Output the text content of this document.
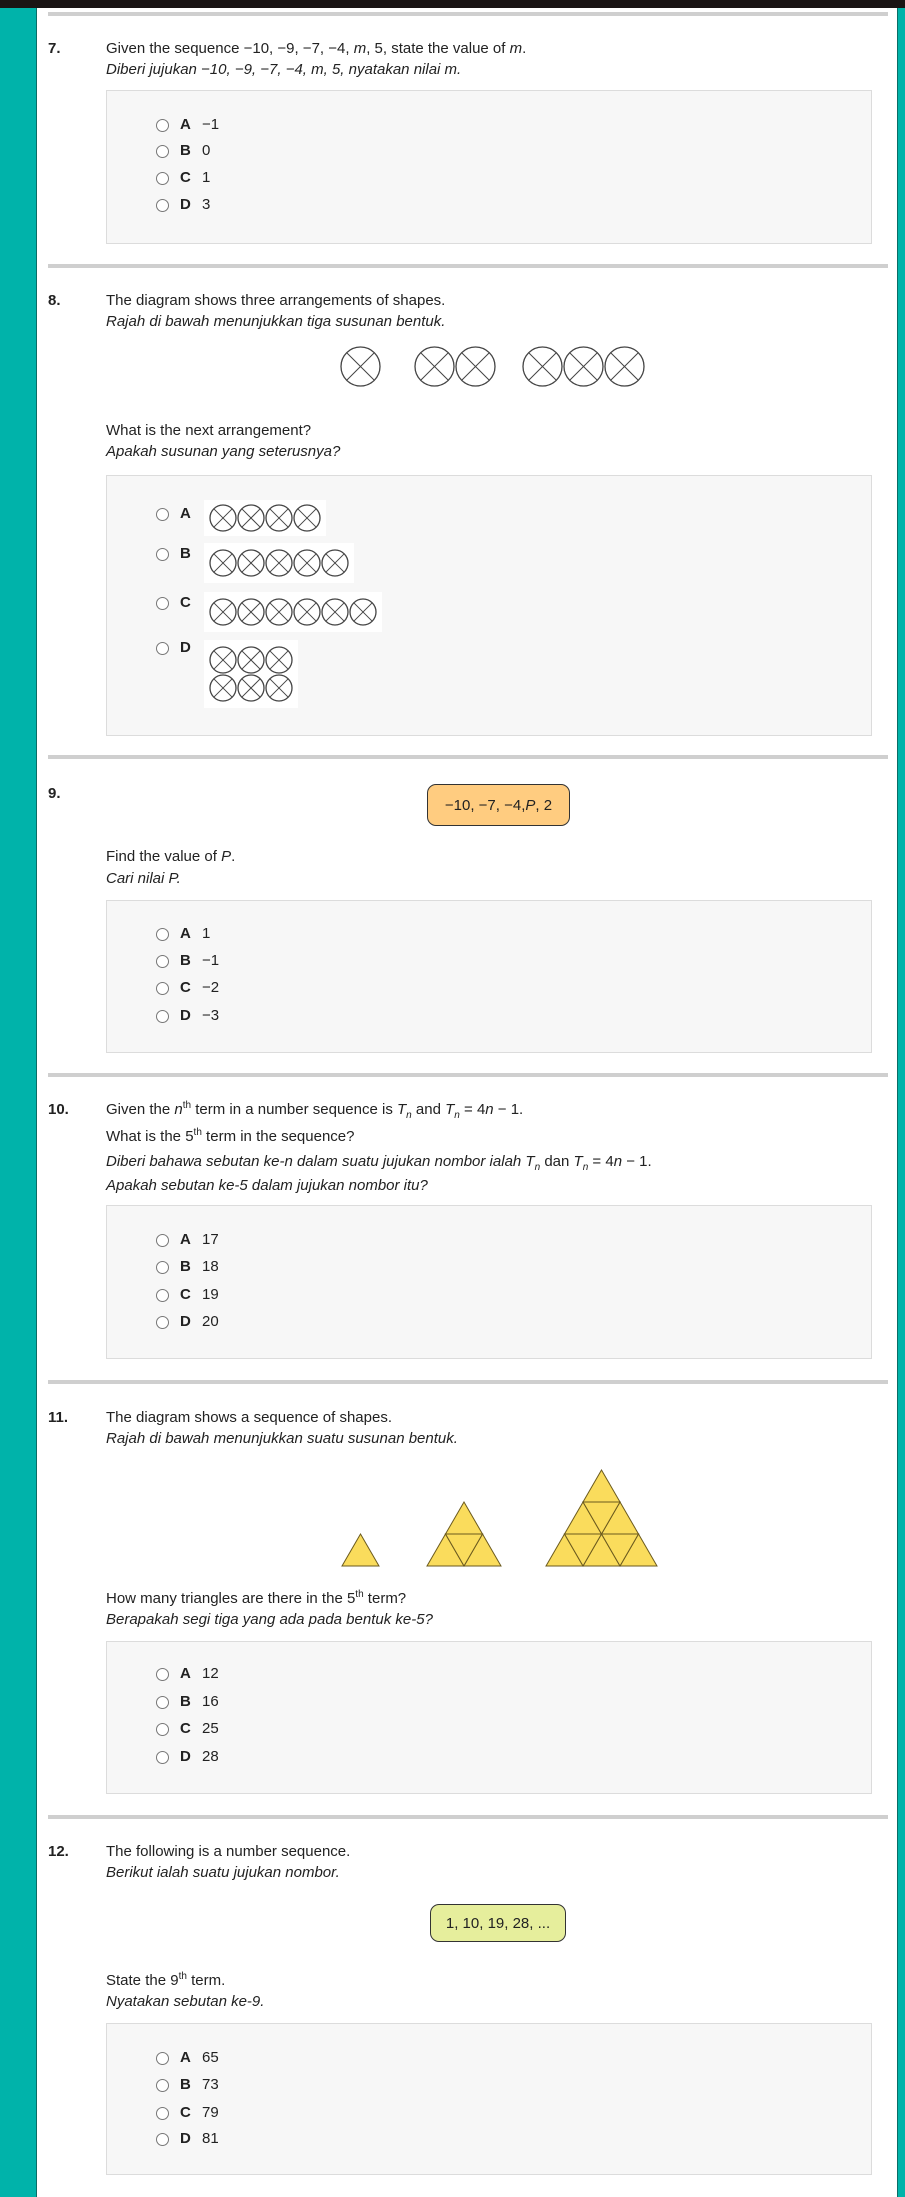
7.	Given the sequence −10, −9, −7, −4, m, 5, state the value of m.
Diberi jujukan −10, −9, −7, −4, m, 5, nyatakan nilai m.
A −1
B 0
C 1
D 3
8.	The diagram shows three arrangements of shapes.
Rajah di bawah menunjukkan tiga susunan bentuk.
What is the next arrangement?
Apakah susunan yang seterusnya?
A
B
C
D
9.
−10, −7, −4, P , 2
Find the value of P.
Cari nilai P.
A 1
B −1
C −2
D −3
10. Given the $n^{th}$ term in a number sequence is $T_n$ and $T_n = 4n - 1$.
What is the 5th term in the sequence?
Diberi bahawa sebutan ke-n dalam suatu jujukan nombor ialah $T_n$ dan $T_n = 4n - 1$.
Apakah sebutan ke-5 dalam jujukan nombor itu?
A 17
B 18
C 19
D 20
11.	The diagram shows a sequence of shapes.
Rajah di bawah menunjukkan suatu susunan bentuk.
How many triangles are there in the 5th term?
Berapakah segi tiga yang ada pada bentuk ke-5?
A 12
B 16
C 25
D 28
12. The following is a number sequence.
Berikut ialah suatu jujukan nombor.
1, 10, 19, 28, ...
State the 9th term.
Nyatakan sebutan ke-9.
A 65
B 73
C 79
D 81
